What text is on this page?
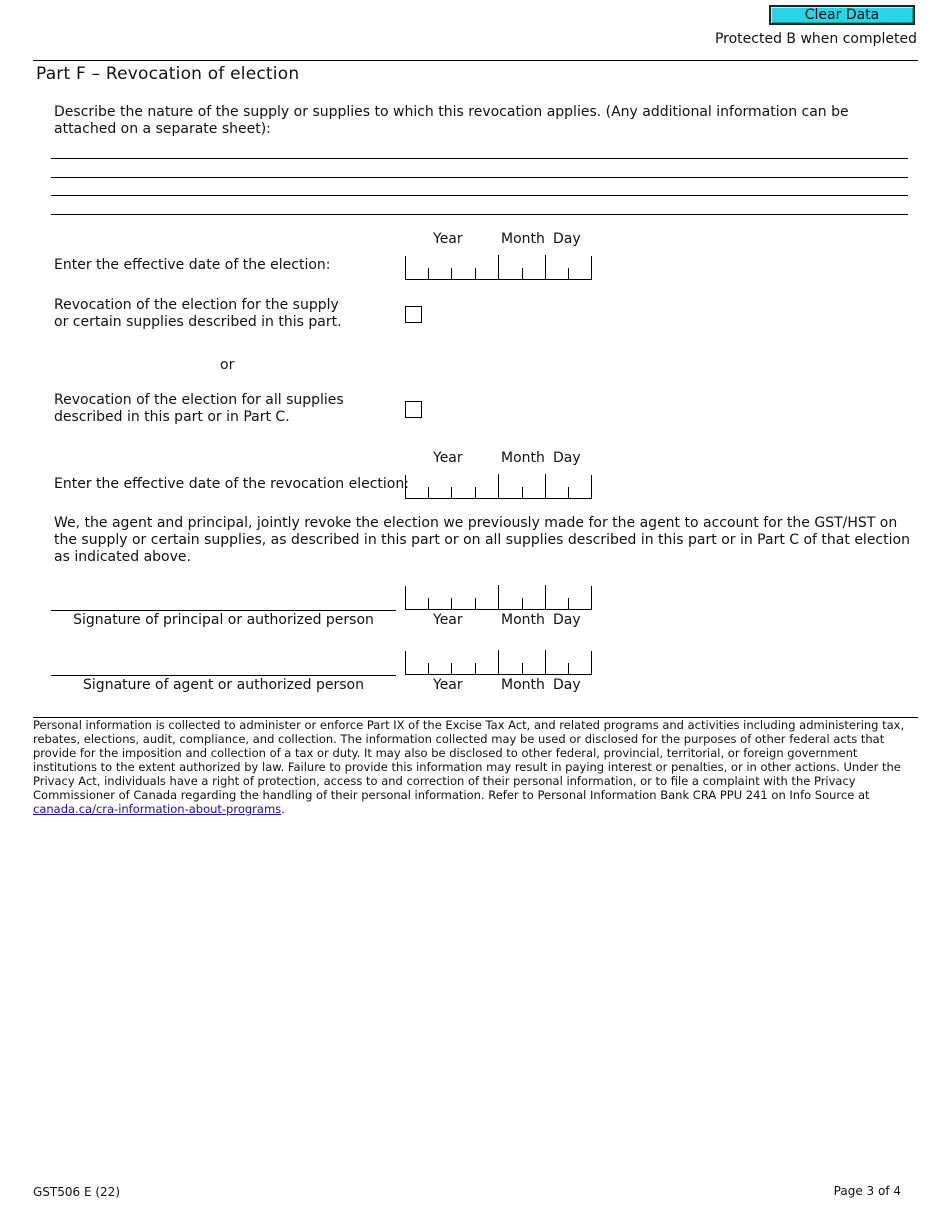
Clear Data
Protected B when completed
Part F – Revocation of election
Describe the nature of the supply or supplies to which this revocation applies. (Any additional information can be attached on a separate sheet):
Year	Month Day
Enter the effective date of the election:
Revocation of the election for the supply or certain supplies described in this part.
or
Revocation of the election for all supplies described in this part or in Part C.
Year	Month Day
Enter the effective date of the revocation election:
We, the agent and principal, jointly revoke the election we previously made for the agent to account for the GST/HST on the supply or certain supplies, as described in this part or on all supplies described in this part or in Part C of that election as indicated above.
Signature of principal or authorized person	Year	Month Day
Signature of agent or authorized person	Year	Month Day
Personal information is collected to administer or enforce Part IX of the Excise Tax Act, and related programs and activities including administering tax, rebates, elections, audit, compliance, and collection. The information collected may be used or disclosed for the purposes of other federal acts that provide for the imposition and collection of a tax or duty. It may also be disclosed to other federal, provincial, territorial, or foreign government institutions to the extent authorized by law. Failure to provide this information may result in paying interest or penalties, or in other actions. Under the Privacy Act, individuals have a right of protection, access to and correction of their personal information, or to file a complaint with the Privacy Commissioner of Canada regarding the handling of their personal information. Refer to Personal Information Bank CRA PPU 241 on Info Source at canada.ca/cra-information-about-programs.
GST506 E (22)	Page 3 of 4
